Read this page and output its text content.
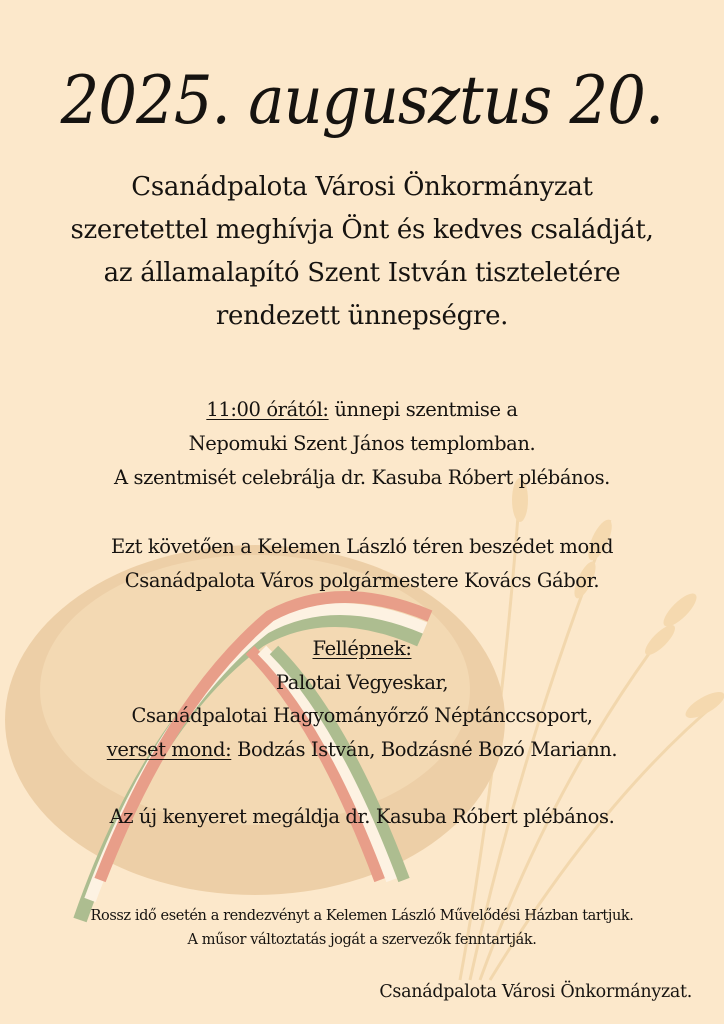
2025. augusztus 20.
Csanádpalota Városi Önkormányzat
szeretettel meghívja Önt és kedves családját,
az államalapító Szent István tiszteletére
rendezett ünnepségre.
11:00 órától: ünnepi szentmise a
Nepomuki Szent János templomban.
A szentmisét celebrálja dr. Kasuba Róbert plébános.
Ezt követően a Kelemen László téren beszédet mond
Csanádpalota Város polgármestere Kovács Gábor.
Fellépnek:
Palotai Vegyeskar,
Csanádpalotai Hagyományőrző Néptánccsoport,
verset mond: Bodzás István, Bodzásné Bozó Mariann.
Az új kenyeret megáldja dr. Kasuba Róbert plébános.
Rossz idő esetén a rendezvényt a Kelemen László Művelődési Házban tartjuk.
A műsor változtatás jogát a szervezők fenntartják.
Csanádpalota Városi Önkormányzat.
